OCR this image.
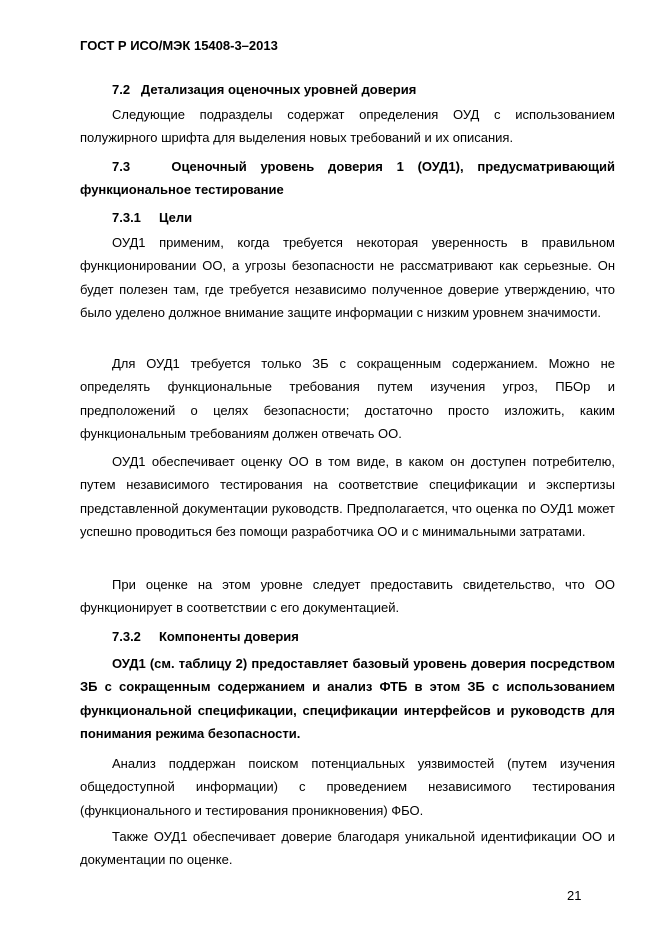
ГОСТ Р ИСО/МЭК 15408-3–2013

7.2 Детализация оценочных уровней доверия

Следующие подразделы содержат определения ОУД с использованием полужирного шрифта для выделения новых требований и их описания.

7.3	Оценочный уровень доверия 1 (ОУД1), предусматривающий

функциональное тестирование

7.3.1 Цели

ОУД1 применим, когда требуется некоторая уверенность в правильном функционировании ОО, а угрозы безопасности не рассматривают как серьезные. Он будет полезен там, где требуется независимо полученное доверие утверждению, что было уделено должное внимание защите информации с низким уровнем значимости.

Для ОУД1 требуется только ЗБ с сокращенным содержанием. Можно не определять функциональные требования путем изучения угроз, ПБОр и предположений о целях безопасности; достаточно просто изложить, каким функциональным требованиям должен отвечать ОО.

ОУД1 обеспечивает оценку ОО в том виде, в каком он доступен потребителю, путем независимого тестирования на соответствие спецификации и экспертизы представленной документации руководств. Предполагается, что оценка по ОУД1 может успешно проводиться без помощи разработчика ОО и с минимальными затратами.

При оценке на этом уровне следует предоставить свидетельство, что ОО функционирует в соответствии с его документацией.

7.3.2 Компоненты доверия

ОУД1 (см. таблицу 2) предоставляет базовый уровень доверия посредством ЗБ с сокращенным содержанием и анализ ФТБ в этом ЗБ с использованием функциональной спецификации, спецификации интерфейсов и руководств для понимания режима безопасности.

Анализ поддержан поиском потенциальных уязвимостей (путем изучения общедоступной информации) с проведением независимого тестирования (функционального и тестирования проникновения) ФБО.

Также ОУД1 обеспечивает доверие благодаря уникальной идентификации ОО и документации по оценке.

21
